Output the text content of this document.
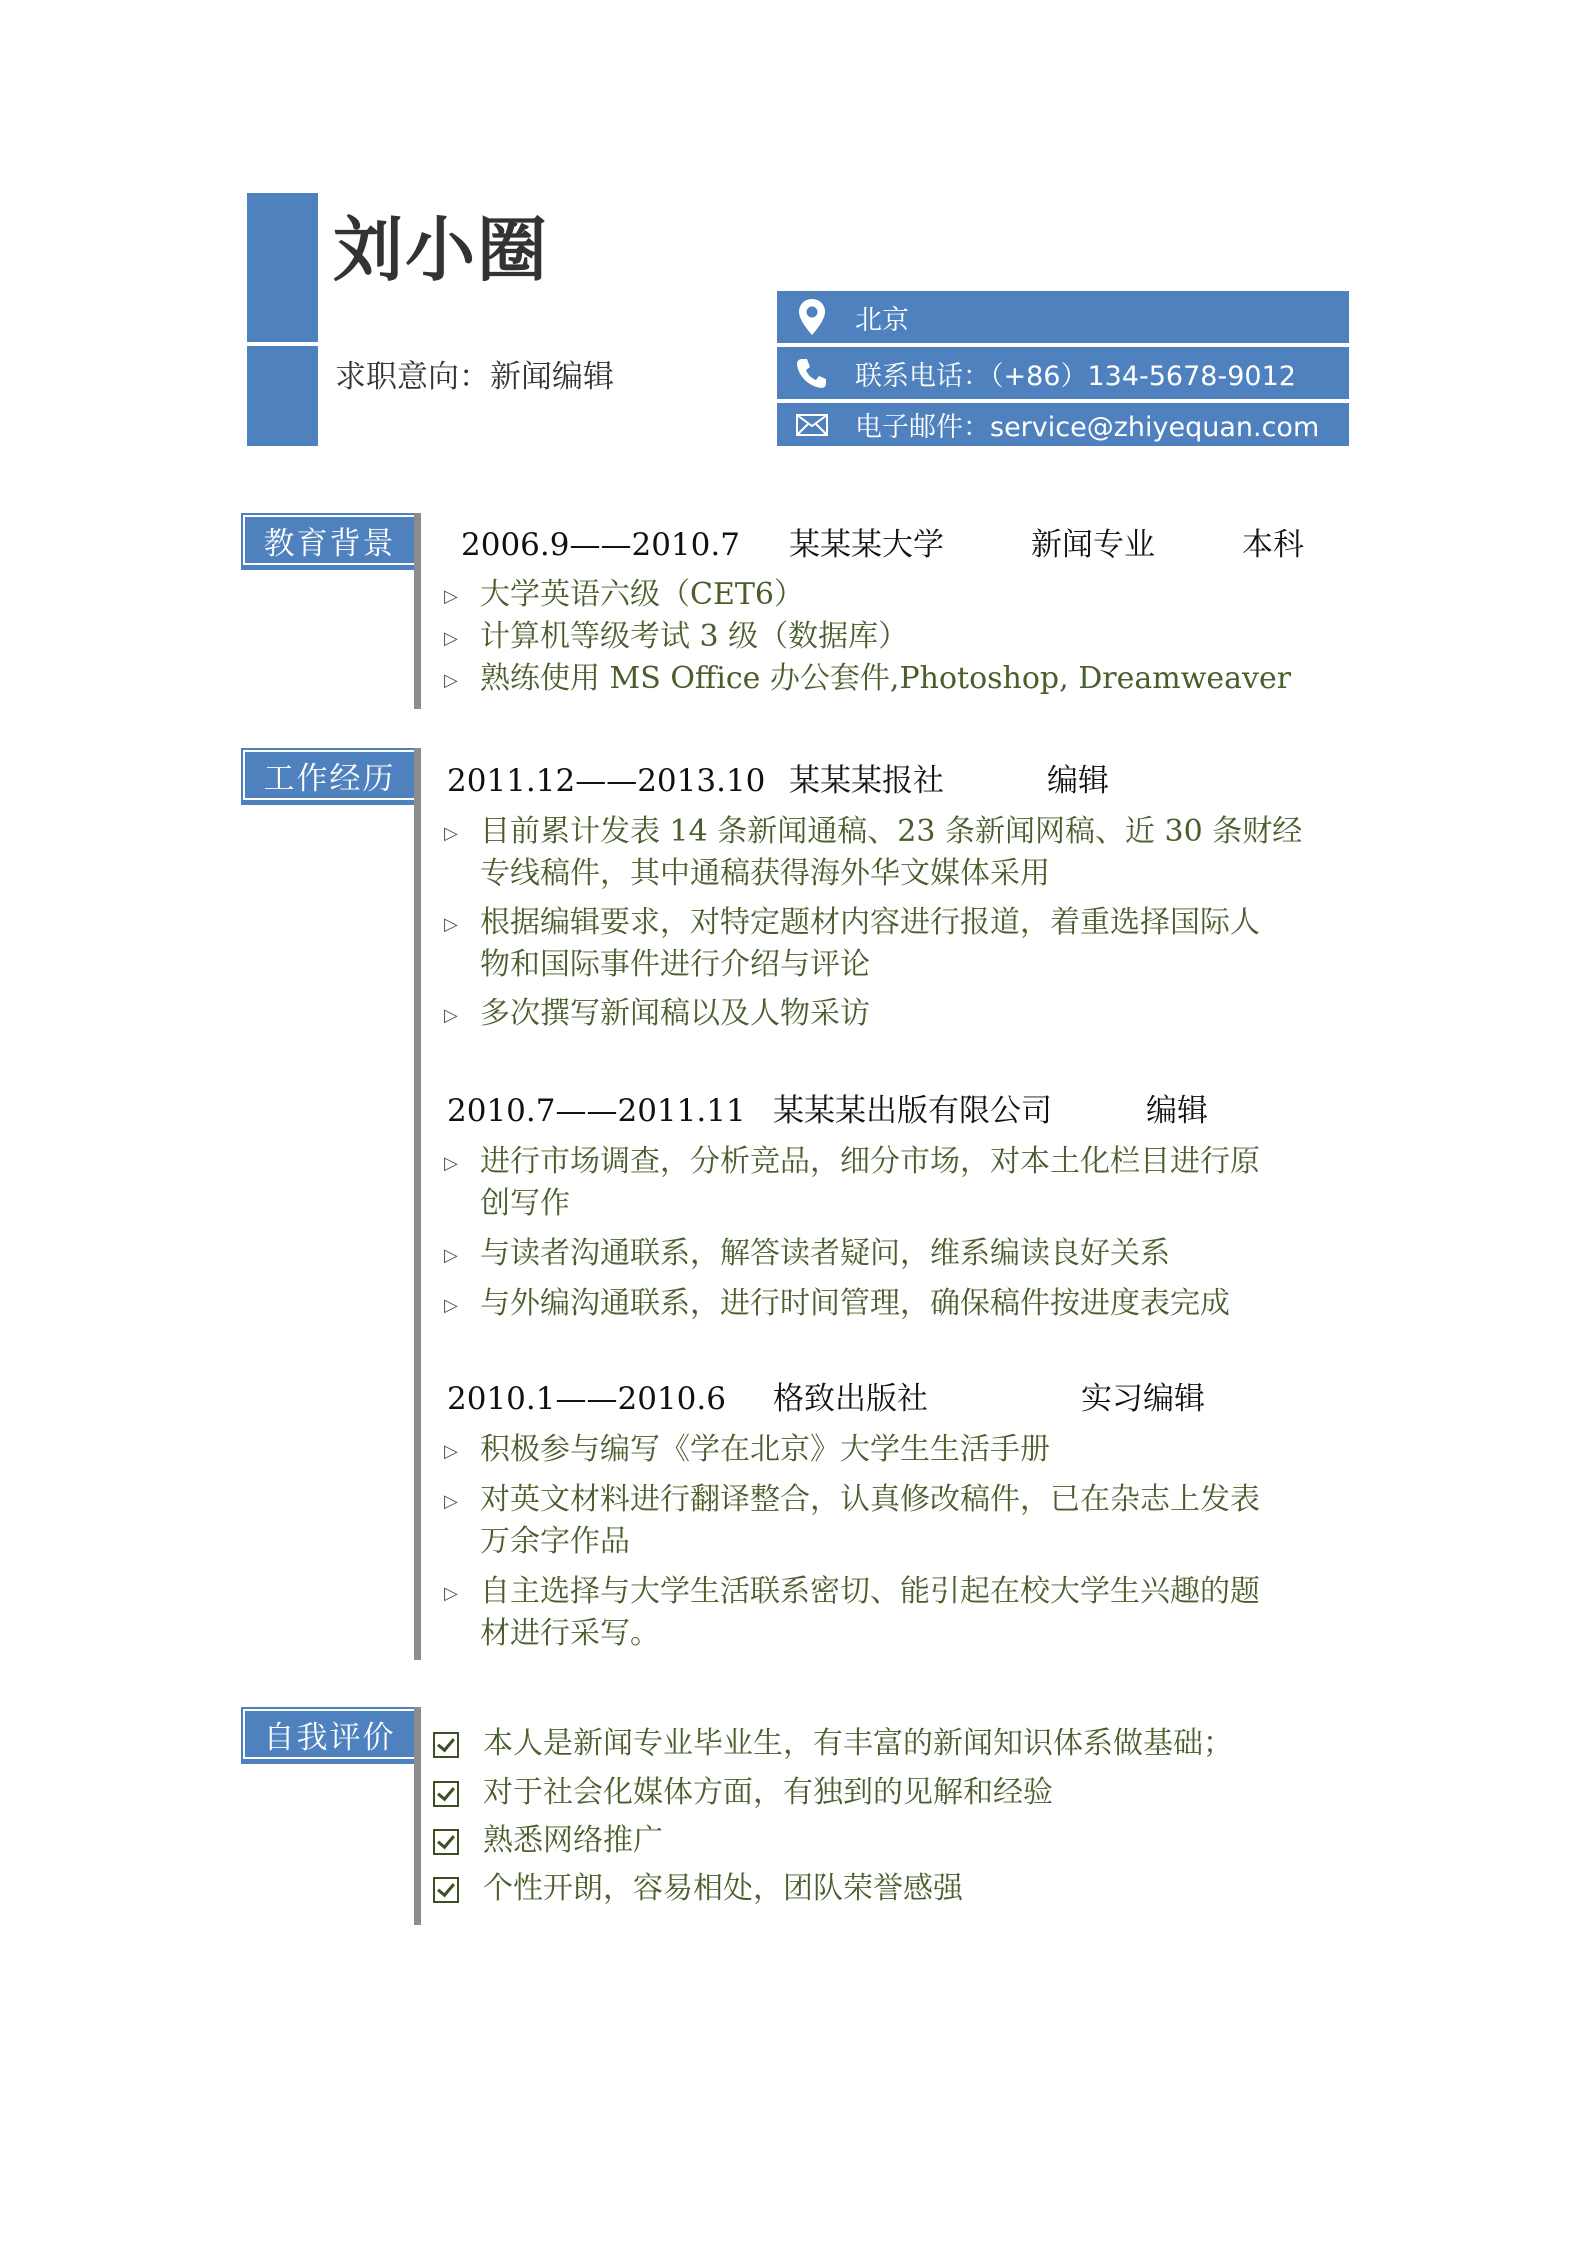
刘小圈
求职意向：新闻编辑
北京
联系电话：（+86）134-5678-9012
电子邮件：service@zhiyequan.com
教育背景	2006.9——2010.7 某某某大学	新闻专业	本科
▷ 大学英语六级（CET6）
▷ 计算机等级考试 3 级（数据库）
▷ 熟练使用 MS Office 办公套件,Photoshop, Dreamweaver
工作经历	2011.12——2013.10 某某某报社	编辑
▷ 目前累计发表 14 条新闻通稿、23 条新闻网稿、近 30 条财经
专线稿件，其中通稿获得海外华文媒体采用
▷ 根据编辑要求，对特定题材内容进行报道，着重选择国际人
物和国际事件进行介绍与评论
▷ 多次撰写新闻稿以及人物采访
2010.7——2011.11 某某某出版有限公司	编辑
▷ 进行市场调查，分析竞品，细分市场，对本土化栏目进行原
创写作
▷ 与读者沟通联系，解答读者疑问，维系编读良好关系
▷ 与外编沟通联系，进行时间管理，确保稿件按进度表完成
2010.1——2010.6 格致出版社	实习编辑
▷ 积极参与编写《学在北京》大学生生活手册
▷ 对英文材料进行翻译整合，认真修改稿件，已在杂志上发表
万余字作品
▷ 自主选择与大学生活联系密切、能引起在校大学生兴趣的题
材进行采写。
自我评价	本人是新闻专业毕业生，有丰富的新闻知识体系做基础；
对于社会化媒体方面，有独到的见解和经验
熟悉网络推广
个性开朗，容易相处，团队荣誉感强
